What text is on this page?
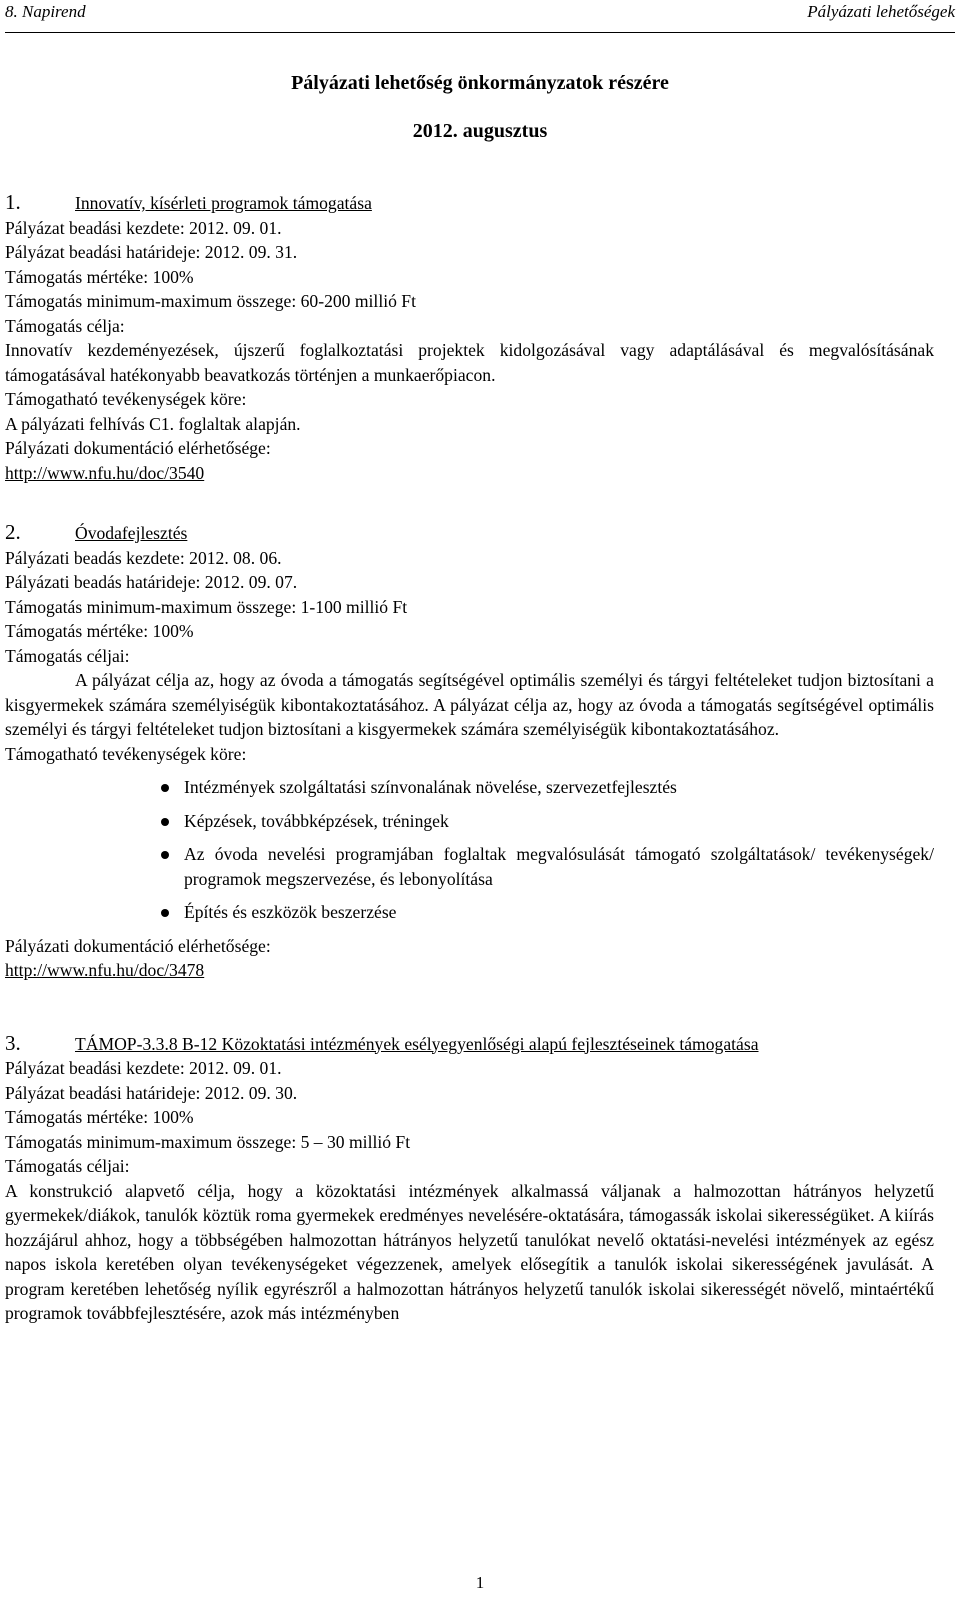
8. Napirend	Pályázati lehetőségek
Pályázati lehetőség önkormányzatok részére
2012. augusztus
1.	Innovatív, kísérleti programok támogatása
Pályázat beadási kezdete: 2012. 09. 01.
Pályázat beadási határideje: 2012. 09. 31.
Támogatás mértéke: 100%
Támogatás minimum-maximum összege: 60-200 millió Ft
Támogatás célja:
Innovatív kezdeményezések, újszerű foglalkoztatási projektek kidolgozásával vagy adaptálásával és megvalósításának támogatásával hatékonyabb beavatkozás történjen a munkaerőpiacon.
Támogatható tevékenységek köre:
A pályázati felhívás C1. foglaltak alapján.
Pályázati dokumentáció elérhetősége:
http://www.nfu.hu/doc/3540
2.	Óvodafejlesztés
Pályázati beadás kezdete: 2012. 08. 06.
Pályázati beadás határideje: 2012. 09. 07.
Támogatás minimum-maximum összege: 1-100 millió Ft
Támogatás mértéke: 100%
Támogatás céljai:
A pályázat célja az, hogy az óvoda a támogatás segítségével optimális személyi és tárgyi feltételeket tudjon biztosítani a kisgyermekek számára személyiségük kibontakoztatásához. A pályázat célja az, hogy az óvoda a támogatás segítségével optimális személyi és tárgyi feltételeket tudjon biztosítani a kisgyermekek számára személyiségük kibontakoztatásához.
Támogatható tevékenységek köre:
Intézmények szolgáltatási színvonalának növelése, szervezetfejlesztés
Képzések, továbbképzések, tréningek
Az óvoda nevelési programjában foglaltak megvalósulását támogató szolgáltatások/ tevékenységek/ programok megszervezése, és lebonyolítása
Építés és eszközök beszerzése
Pályázati dokumentáció elérhetősége:
http://www.nfu.hu/doc/3478
3.	TÁMOP-3.3.8 B-12 Közoktatási intézmények esélyegyenlőségi alapú fejlesztéseinek támogatása
Pályázat beadási kezdete: 2012. 09. 01.
Pályázat beadási határideje: 2012. 09. 30.
Támogatás mértéke: 100%
Támogatás minimum-maximum összege: 5 – 30 millió Ft
Támogatás céljai:
A konstrukció alapvető célja, hogy a közoktatási intézmények alkalmassá váljanak a halmozottan hátrányos helyzetű gyermekek/diákok, tanulók köztük roma gyermekek eredményes nevelésére-oktatására, támogassák iskolai sikerességüket. A kiírás hozzájárul ahhoz, hogy a többségében halmozottan hátrányos helyzetű tanulókat nevelő oktatási-nevelési intézmények az egész napos iskola keretében olyan tevékenységeket végezzenek, amelyek elősegítik a tanulók iskolai sikerességének javulását. A program keretében lehetőség nyílik egyrészről a halmozottan hátrányos helyzetű tanulók iskolai sikerességét növelő, mintaértékű programok továbbfejlesztésére, azok más intézményben
1
